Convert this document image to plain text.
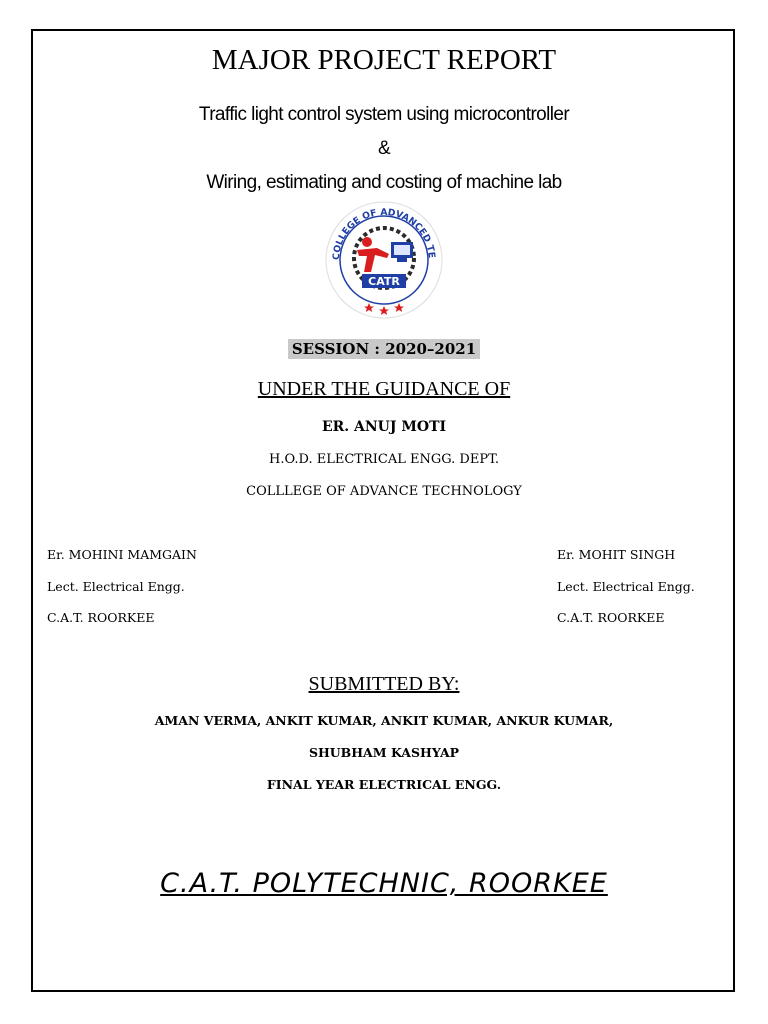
MAJOR PROJECT REPORT
Traffic light control system using microcontroller
&
Wiring, estimating and costing of machine lab
COLLEGE OF ADVANCED TE
CATR
SESSION : 2020–2021
UNDER THE GUIDANCE OF
ER. ANUJ MOTI
H.O.D. ELECTRICAL ENGG. DEPT.
COLLLEGE OF ADVANCE TECHNOLOGY
Er. MOHINI MAMGAIN
Lect. Electrical Engg.
C.A.T. ROORKEE
Er. MOHIT SINGH
Lect. Electrical Engg.
C.A.T. ROORKEE
SUBMITTED BY:
AMAN VERMA, ANKIT KUMAR, ANKIT KUMAR, ANKUR KUMAR,
SHUBHAM KASHYAP
FINAL YEAR ELECTRICAL ENGG.
C.A.T. POLYTECHNIC, ROORKEE
